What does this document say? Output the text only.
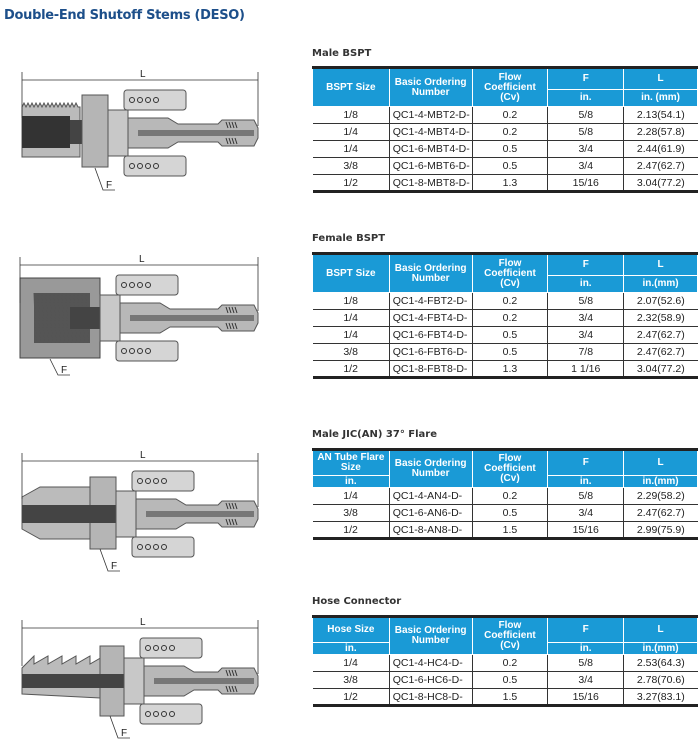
Double-End Shutoff Stems (DESO)
Male BSPT
BSPT Size	Basic Ordering Number	Flow Coefficient (Cv)	F	L
			in.	in. (mm)
1/8	QC1-4-MBT2-D-	0.2	5/8	2.13(54.1)
1/4	QC1-4-MBT4-D-	0.2	5/8	2.28(57.8)
1/4	QC1-6-MBT4-D-	0.5	3/4	2.44(61.9)
3/8	QC1-6-MBT6-D-	0.5	3/4	2.47(62.7)
1/2	QC1-8-MBT8-D-	1.3	15/16	3.04(77.2)
L
F
Female BSPT
BSPT Size	Basic Ordering Number	Flow Coefficient (Cv)	F	L
			in.	in.(mm)
1/8	QC1-4-FBT2-D-	0.2	5/8	2.07(52.6)
1/4	QC1-4-FBT4-D-	0.2	3/4	2.32(58.9)
1/4	QC1-6-FBT4-D-	0.5	3/4	2.47(62.7)
3/8	QC1-6-FBT6-D-	0.5	7/8	2.47(62.7)
1/2	QC1-8-FBT8-D-	1.3	1 1/16	3.04(77.2)
L
F
Male JIC(AN) 37° Flare
AN Tube Flare Size	Basic Ordering Number	Flow Coefficient (Cv)	F	L
in.			in.	in.(mm)
1/4	QC1-4-AN4-D-	0.2	5/8	2.29(58.2)
3/8	QC1-6-AN6-D-	0.5	3/4	2.47(62.7)
1/2	QC1-8-AN8-D-	1.5	15/16	2.99(75.9)
L
F
Hose Connector
Hose Size	Basic Ordering Number	Flow Coefficient (Cv)	F	L
in.			in.	in.(mm)
1/4	QC1-4-HC4-D-	0.2	5/8	2.53(64.3)
3/8	QC1-6-HC6-D-	0.5	3/4	2.78(70.6)
1/2	QC1-8-HC8-D-	1.5	15/16	3.27(83.1)
L
F
